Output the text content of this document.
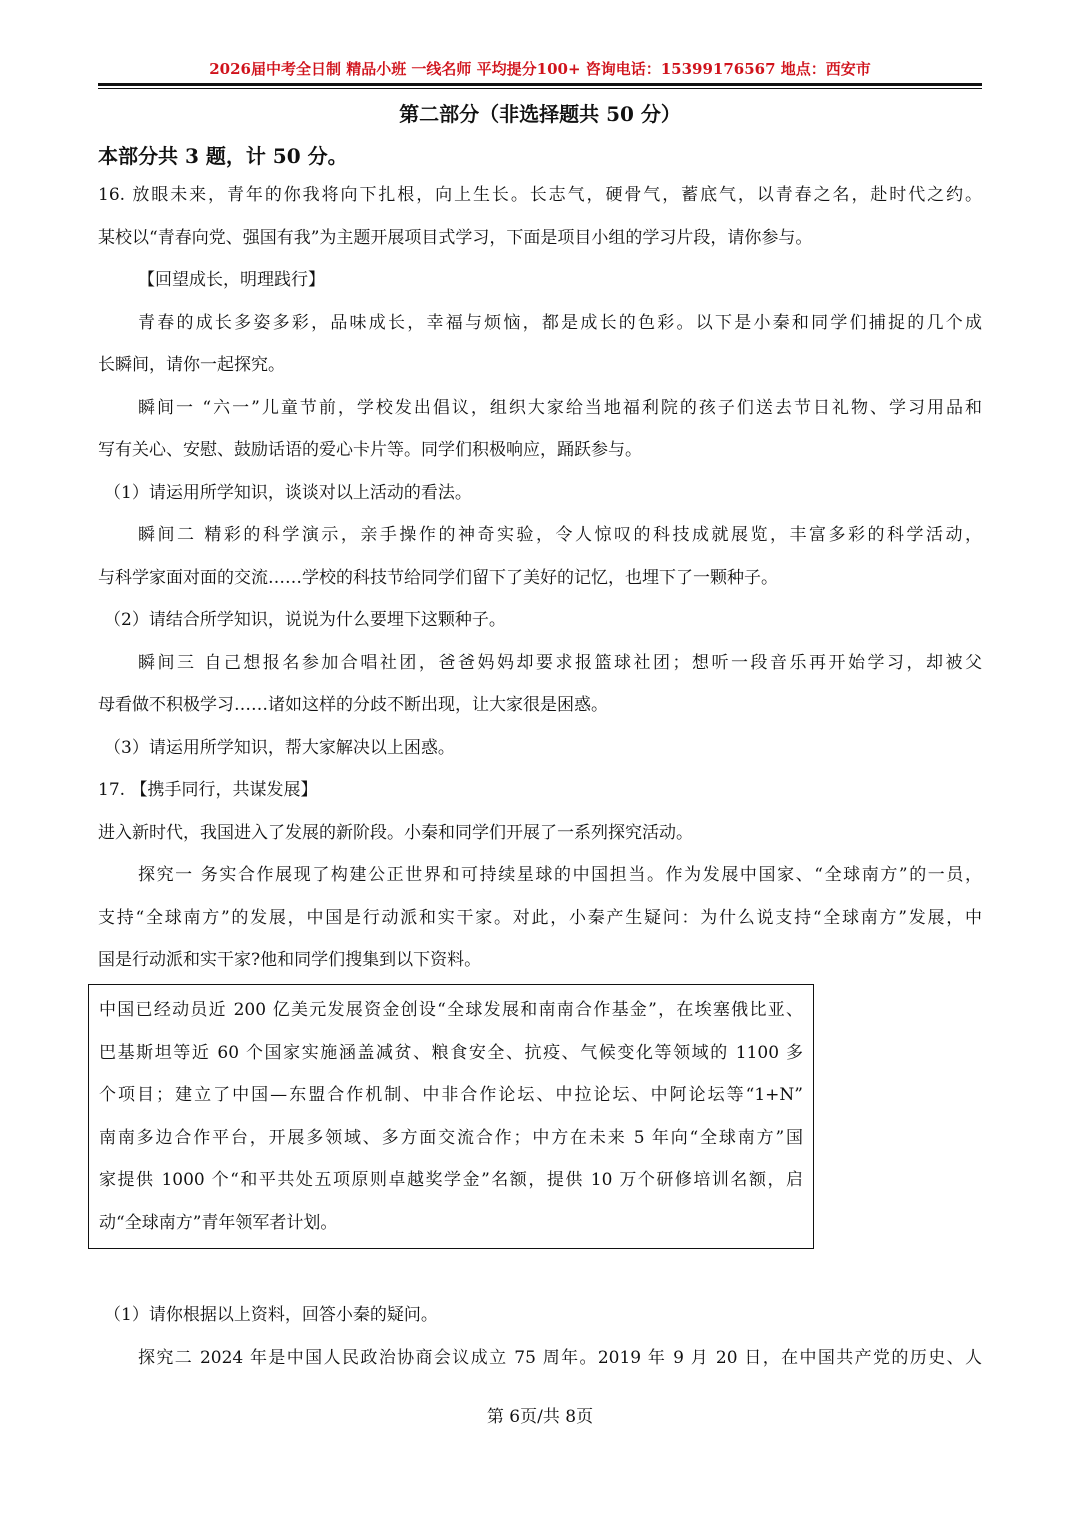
2026届中考全日制 精品小班 一线名师 平均提分100+ 咨询电话：15399176567 地点：西安市
第二部分（非选择题共 50 分）
本部分共 3 题，计 50 分。
16. 放眼未来，青年的你我将向下扎根，向上生长。长志气，硬骨气，蓄底气，以青春之名，赴时代之约。
某校以“青春向党、强国有我”为主题开展项目式学习，下面是项目小组的学习片段，请你参与。
【回望成长，明理践行】
青春的成长多姿多彩，品味成长，幸福与烦恼，都是成长的色彩。以下是小秦和同学们捕捉的几个成
长瞬间，请你一起探究。
瞬间一 “六一”儿童节前，学校发出倡议，组织大家给当地福利院的孩子们送去节日礼物、学习用品和
写有关心、安慰、鼓励话语的爱心卡片等。同学们积极响应，踊跃参与。
（1）请运用所学知识，谈谈对以上活动的看法。
瞬间二 精彩的科学演示，亲手操作的神奇实验，令人惊叹的科技成就展览，丰富多彩的科学活动，
与科学家面对面的交流……学校的科技节给同学们留下了美好的记忆，也埋下了一颗种子。
（2）请结合所学知识，说说为什么要埋下这颗种子。
瞬间三 自己想报名参加合唱社团，爸爸妈妈却要求报篮球社团；想听一段音乐再开始学习，却被父
母看做不积极学习……诸如这样的分歧不断出现，让大家很是困惑。
（3）请运用所学知识，帮大家解决以上困惑。
17. 【携手同行，共谋发展】
进入新时代，我国进入了发展的新阶段。小秦和同学们开展了一系列探究活动。
探究一 务实合作展现了构建公正世界和可持续星球的中国担当。作为发展中国家、“全球南方”的一员，
支持“全球南方”的发展，中国是行动派和实干家。对此，小秦产生疑问：为什么说支持“全球南方”发展，中
国是行动派和实干家?他和同学们搜集到以下资料。
中国已经动员近 200 亿美元发展资金创设“全球发展和南南合作基金”，在埃塞俄比亚、
巴基斯坦等近 60 个国家实施涵盖减贫、粮食安全、抗疫、气候变化等领域的 1100 多
个项目；建立了中国—东盟合作机制、中非合作论坛、中拉论坛、中阿论坛等“1+N”
南南多边合作平台，开展多领域、多方面交流合作；中方在未来 5 年向“全球南方”国
家提供 1000 个“和平共处五项原则卓越奖学金”名额，提供 10 万个研修培训名额，启
动“全球南方”青年领军者计划。
（1）请你根据以上资料，回答小秦的疑问。
探究二 2024 年是中国人民政治协商会议成立 75 周年。2019 年 9 月 20 日，在中国共产党的历史、人
第 6页/共 8页
